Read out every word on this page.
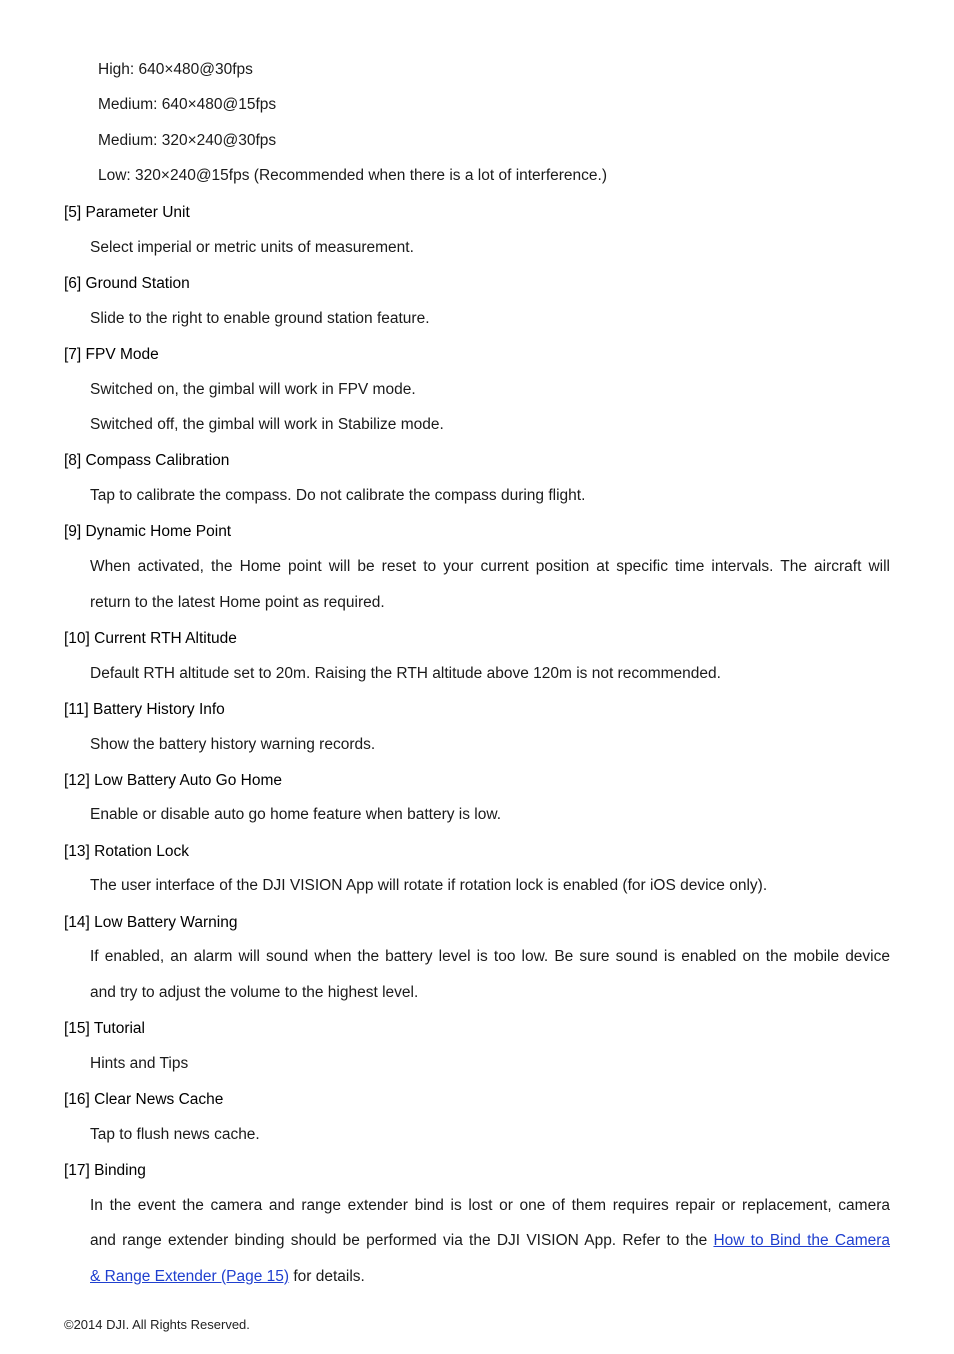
High: 640×480@30fps
Medium: 640×480@15fps
Medium: 320×240@30fps
Low: 320×240@15fps (Recommended when there is a lot of interference.)
[5] Parameter Unit
Select imperial or metric units of measurement.
[6] Ground Station
Slide to the right to enable ground station feature.
[7] FPV Mode
Switched on, the gimbal will work in FPV mode.
Switched off, the gimbal will work in Stabilize mode.
[8] Compass Calibration
Tap to calibrate the compass. Do not calibrate the compass during flight.
[9] Dynamic Home Point
When activated, the Home point will be reset to your current position at specific time intervals. The aircraft will
return to the latest Home point as required.
[10] Current RTH Altitude
Default RTH altitude set to 20m. Raising the RTH altitude above 120m is not recommended.
[11] Battery History Info
Show the battery history warning records.
[12] Low Battery Auto Go Home
Enable or disable auto go home feature when battery is low.
[13] Rotation Lock
The user interface of the DJI VISION App will rotate if rotation lock is enabled (for iOS device only).
[14] Low Battery Warning
If enabled, an alarm will sound when the battery level is too low. Be sure sound is enabled on the mobile device
and try to adjust the volume to the highest level.
[15] Tutorial
Hints and Tips
[16] Clear News Cache
Tap to flush news cache.
[17] Binding
In the event the camera and range extender bind is lost or one of them requires repair or replacement, camera
and range extender binding should be performed via the DJI VISION App. Refer to the How to Bind the Camera
& Range Extender (Page 15) for details.
©2014 DJI. All Rights Reserved.
